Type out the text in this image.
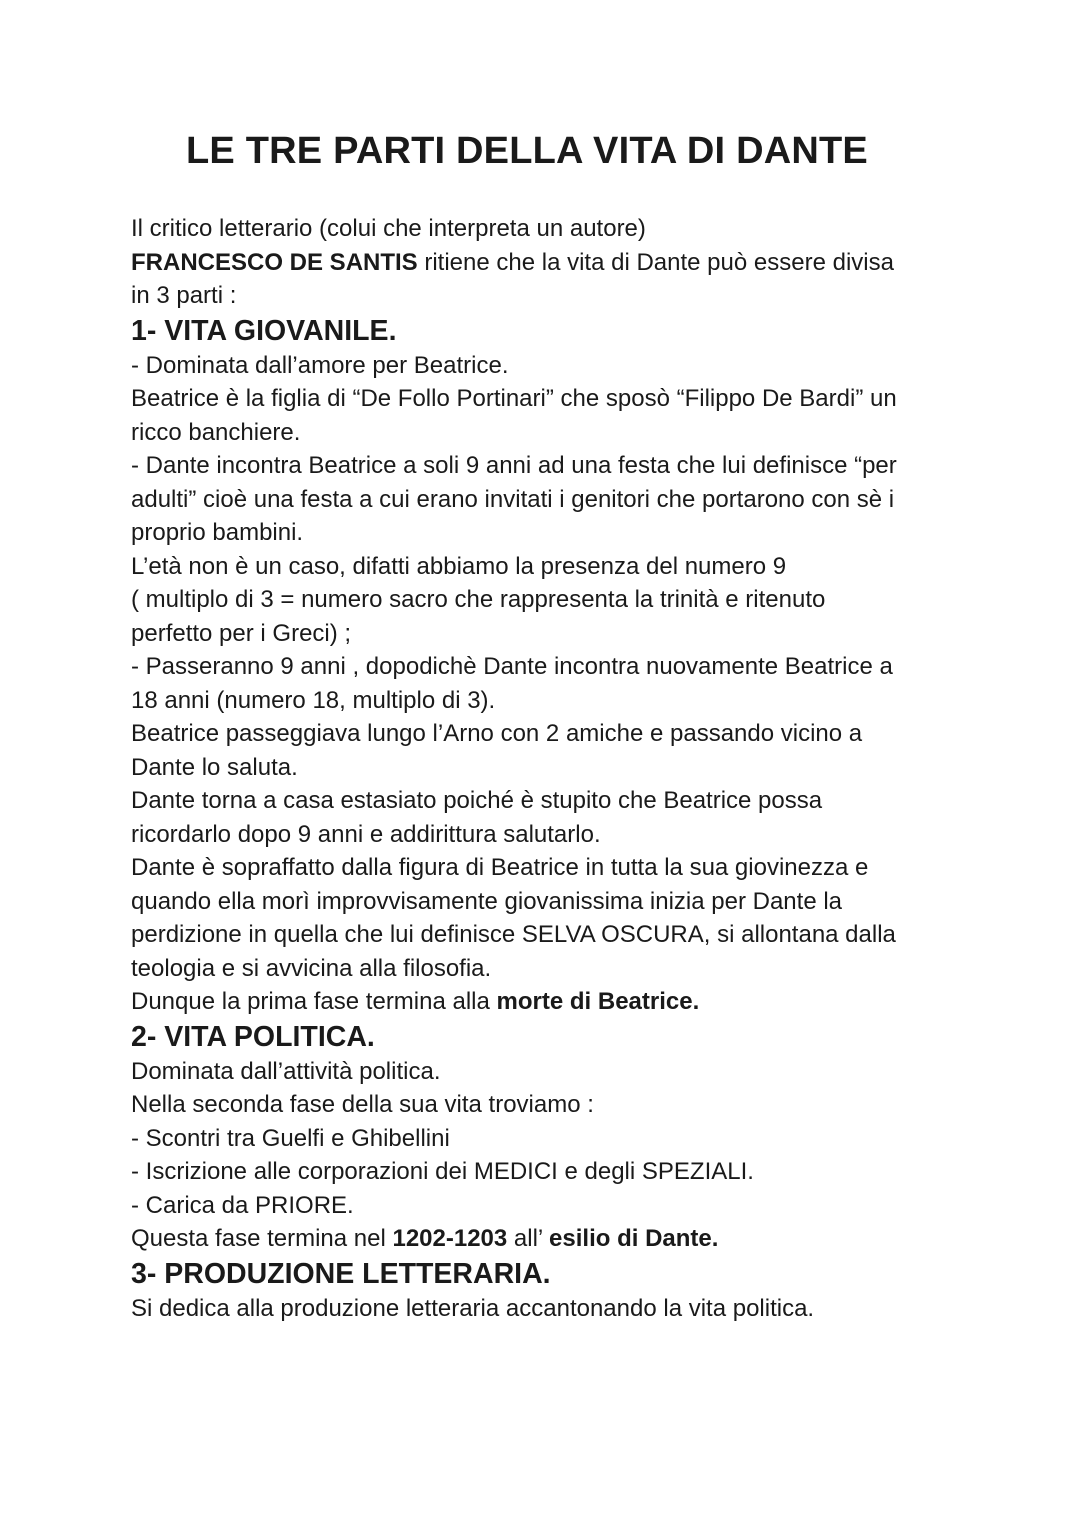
LE TRE PARTI DELLA VITA DI DANTE
Il critico letterario (colui che interpreta un autore)
FRANCESCO DE SANTIS ritiene che la vita di Dante può essere divisa
in 3 parti :
1- VITA GIOVANILE.
- Dominata dall’amore per Beatrice.
Beatrice è la figlia di “De Follo Portinari” che sposò “Filippo De Bardi” un
ricco banchiere.
- Dante incontra Beatrice a soli 9 anni ad una festa che lui definisce “per
adulti” cioè una festa a cui erano invitati i genitori che portarono con sè i
proprio bambini.
L’età non è un caso, difatti abbiamo la presenza del numero 9
( multiplo di 3 = numero sacro che rappresenta la trinità e ritenuto
perfetto per i Greci) ;
- Passeranno 9 anni , dopodichè Dante incontra nuovamente Beatrice a
18 anni (numero 18, multiplo di 3).
Beatrice passeggiava lungo l’Arno con 2 amiche e passando vicino a
Dante lo saluta.
Dante torna a casa estasiato poiché è stupito che Beatrice possa
ricordarlo dopo 9 anni e addirittura salutarlo.
Dante è sopraffatto dalla figura di Beatrice in tutta la sua giovinezza e
quando ella morì improvvisamente giovanissima inizia per Dante la
perdizione in quella che lui definisce SELVA OSCURA, si allontana dalla
teologia e si avvicina alla filosofia.
Dunque la prima fase termina alla morte di Beatrice.
2- VITA POLITICA.
Dominata dall’attività politica.
Nella seconda fase della sua vita troviamo :
- Scontri tra Guelfi e Ghibellini
- Iscrizione alle corporazioni dei MEDICI e degli SPEZIALI.
- Carica da PRIORE.
Questa fase termina nel 1202-1203 all’ esilio di Dante.
3- PRODUZIONE LETTERARIA.
Si dedica alla produzione letteraria accantonando la vita politica.
